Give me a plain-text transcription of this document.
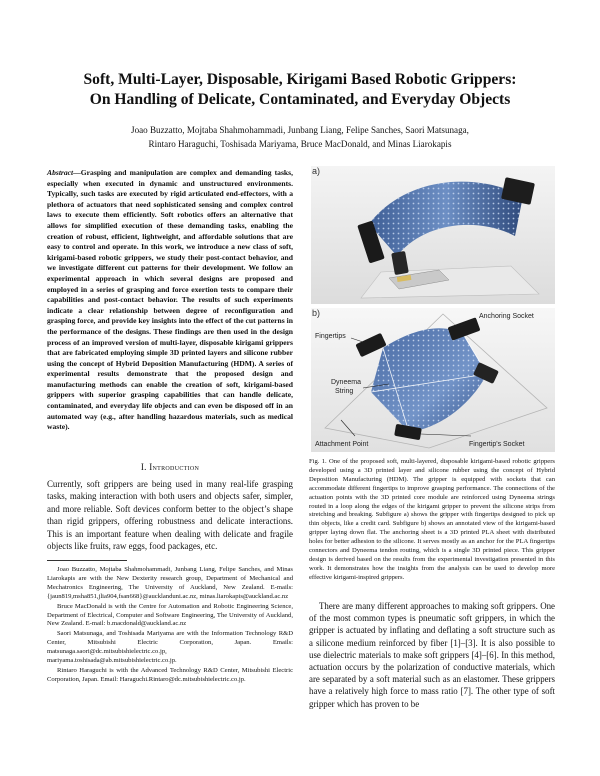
Soft, Multi-Layer, Disposable, Kirigami Based Robotic Grippers:
On Handling of Delicate, Contaminated, and Everyday Objects
Joao Buzzatto, Mojtaba Shahmohammadi, Junbang Liang, Felipe Sanches, Saori Matsunaga,
Rintaro Haraguchi, Toshisada Mariyama, Bruce MacDonald, and Minas Liarokapis
Abstract—Grasping and manipulation are complex and demanding tasks, especially when executed in dynamic and unstructured environments. Typically, such tasks are executed by rigid articulated end-effectors, with a plethora of actuators that need sophisticated sensing and complex control laws to execute them efficiently. Soft robotics offers an alternative that allows for simplified execution of these demanding tasks, enabling the creation of robust, efficient, lightweight, and affordable solutions that are easy to control and operate. In this work, we introduce a new class of soft, kirigami-based robotic grippers, we study their post-contact behavior, and we investigate different cut patterns for their development. We follow an experimental approach in which several designs are proposed and employed in a series of grasping and force exertion tests to compare their capabilities and post-contact behavior. The results of such experiments indicate a clear relationship between degree of reconfiguration and grasping force, and provide key insights into the effect of the cut patterns in the performance of the designs. These findings are then used in the design process of an improved version of multi-layer, disposable kirigami grippers that are fabricated employing simple 3D printed layers and silicone rubber using the concept of Hybrid Deposition Manufacturing (HDM). A series of experimental results demonstrate that the proposed design and manufacturing methods can enable the creation of soft, kirigami-based grippers with superior grasping capabilities that can handle delicate, contaminated, and everyday life objects and can even be disposed off in an automated way (e.g., after handling hazardous materials, such as medical waste).
I. Introduction
Currently, soft grippers are being used in many real-life grasping tasks, making interaction with both users and objects safer, simpler, and more reliable. Soft devices conform better to the object’s shape than rigid grippers, offering robustness and delicate interactions. This is an important feature when dealing with delicate and fragile objects like fruits, raw eggs, food packages, etc.

Joao Buzzatto, Mojtaba Shahmohammadi, Junbang Liang, Felipe Sanches, and Minas Liarokapis are with the New Dexterity research group, Department of Mechanical and Mechatronics Engineering, The University of Auckland, New Zealand. E-mails: {jaun819,msha851,jlia904,fsan668}@aucklanduni.ac.nz, minas.liarokapis@auckland.ac.nz

Bruce MacDonald is with the Centre for Automation and Robotic Engineering Science, Department of Electrical, Computer and Software Engineering, The University of Auckland, New Zealand. E-mail: b.macdonald@auckland.ac.nz

Saori Matsunaga, and Toshisada Mariyama are with the Information Technology R&D Center, Mitsubishi Electric Corporation, Japan. Emails: matsunaga.saori@dc.mitsubishielectric.co.jp, mariyama.toshisada@ab.mitsubishielectric.co.jp.

Rintaro Haraguchi is with the Advanced Technology R&D Center, Mitsubishi Electric Corporation, Japan. Email: Haraguchi.Rintaro@dc.mitsubishielectric.co.jp.

a)
Anchoring Socket
Fingertips
Dyneema
String
Attachment Point	Fingertip's Socket
b)
Fig. 1. One of the proposed soft, multi-layered, disposable kirigami-based robotic grippers developed using a 3D printed layer and silicone rubber using the concept of Hybrid Deposition Manufacturing (HDM). The gripper is equipped with sockets that can accommodate different fingertips to improve grasping performance. The connections of the actuation points with the 3D printed core module are reinforced using Dyneema strings routed in a loop along the edges of the kirigami gripper to prevent the silicone strips from stretching and breaking. Subfigure a) shows the gripper with fingertips designed to pick up thin objects, like a credit card. Subfigure b) shows an annotated view of the kirigami-based gripper laying down flat. The anchoring sheet is a 3D printed PLA sheet with distributed holes for better adhesion to the silicone. It serves mostly as an anchor for the PLA fingertips connectors and Dyneema tendon routing, which is a single 3D printed piece. This gripper design is derived based on the results from the experimental investigation presented in this work. It demonstrates how the insights from the analysis can be used to develop more effective kirigami-inspired grippers.

There are many different approaches to making soft grippers. One of the most common types is pneumatic soft grippers, in which the gripper is actuated by inflating and deflating a soft structure such as a silicone medium reinforced by fiber [1]–[3]. It is also possible to use dielectric materials to make soft grippers [4]–[6]. In this method, actuation occurs by the polarization of conductive materials, which are separated by a soft material such as an elastomer. These grippers have a relatively high force to mass ratio [7]. The other type of soft gripper which has proven to be
